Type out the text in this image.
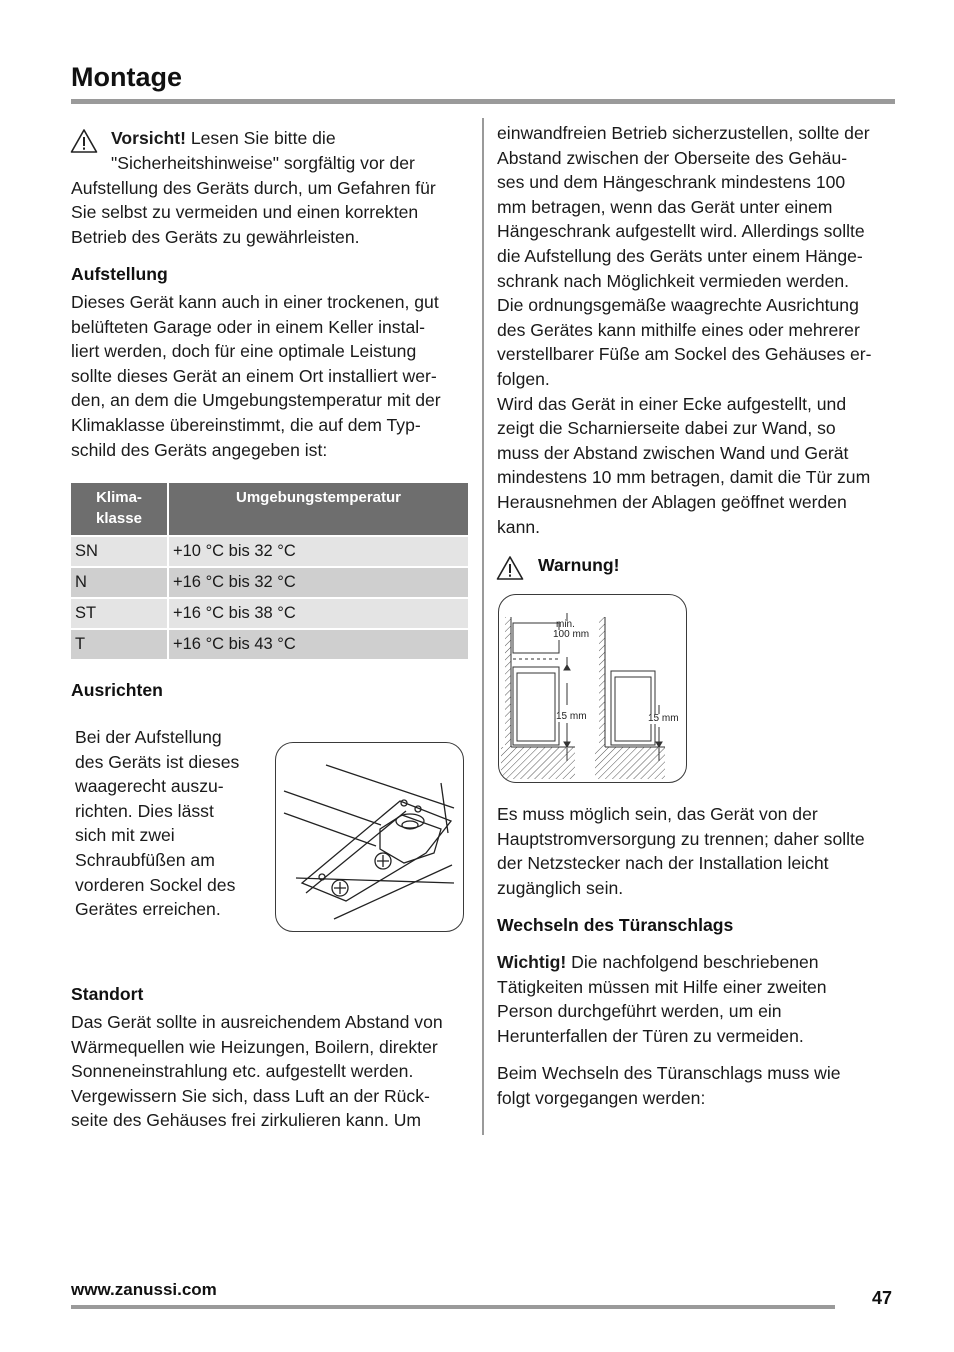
Montage
Vorsicht! Lesen Sie bitte die
"Sicherheitshinweise" sorgfältig vor der
Aufstellung des Geräts durch, um Gefahren für
Sie selbst zu vermeiden und einen korrekten
Betrieb des Geräts zu gewährleisten.
Aufstellung
Dieses Gerät kann auch in einer trockenen, gut
belüfteten Garage oder in einem Keller instal-
liert werden, doch für eine optimale Leistung
sollte dieses Gerät an einem Ort installiert wer-
den, an dem die Umgebungstemperatur mit der
Klimaklasse übereinstimmt, die auf dem Typ-
schild des Geräts angegeben ist:
Klima-
klasse	Umgebungstemperatur
SN	+10 °C bis 32 °C
N	+16 °C bis 32 °C
ST	+16 °C bis 38 °C
T	+16 °C bis 43 °C
Ausrichten
Bei der Aufstellung
des Geräts ist dieses
waagerecht auszu-
richten. Dies lässt
sich mit zwei
Schraubfüßen am
vorderen Sockel des
Gerätes erreichen.
Standort
Das Gerät sollte in ausreichendem Abstand von
Wärmequellen wie Heizungen, Boilern, direkter
Sonneneinstrahlung etc. aufgestellt werden.
Vergewissern Sie sich, dass Luft an der Rück-
seite des Gehäuses frei zirkulieren kann. Um
einwandfreien Betrieb sicherzustellen, sollte der
Abstand zwischen der Oberseite des Gehäu-
ses und dem Hängeschrank mindestens 100
mm betragen, wenn das Gerät unter einem
Hängeschrank aufgestellt wird. Allerdings sollte
die Aufstellung des Geräts unter einem Hänge-
schrank nach Möglichkeit vermieden werden.
Die ordnungsgemäße waagrechte Ausrichtung
des Gerätes kann mithilfe eines oder mehrerer
verstellbarer Füße am Sockel des Gehäuses er-
folgen.
Wird das Gerät in einer Ecke aufgestellt, und
zeigt die Scharnierseite dabei zur Wand, so
muss der Abstand zwischen Wand und Gerät
mindestens 10 mm betragen, damit die Tür zum
Herausnehmen der Ablagen geöffnet werden
kann.
Warnung!
min.
100 mm
15 mm	15 mm
Es muss möglich sein, das Gerät von der
Hauptstromversorgung zu trennen; daher sollte
der Netzstecker nach der Installation leicht
zugänglich sein.
Wechseln des Türanschlags
Wichtig! Die nachfolgend beschriebenen
Tätigkeiten müssen mit Hilfe einer zweiten
Person durchgeführt werden, um ein
Herunterfallen der Türen zu vermeiden.
Beim Wechseln des Türanschlags muss wie
folgt vorgegangen werden:
www.zanussi.com	47
